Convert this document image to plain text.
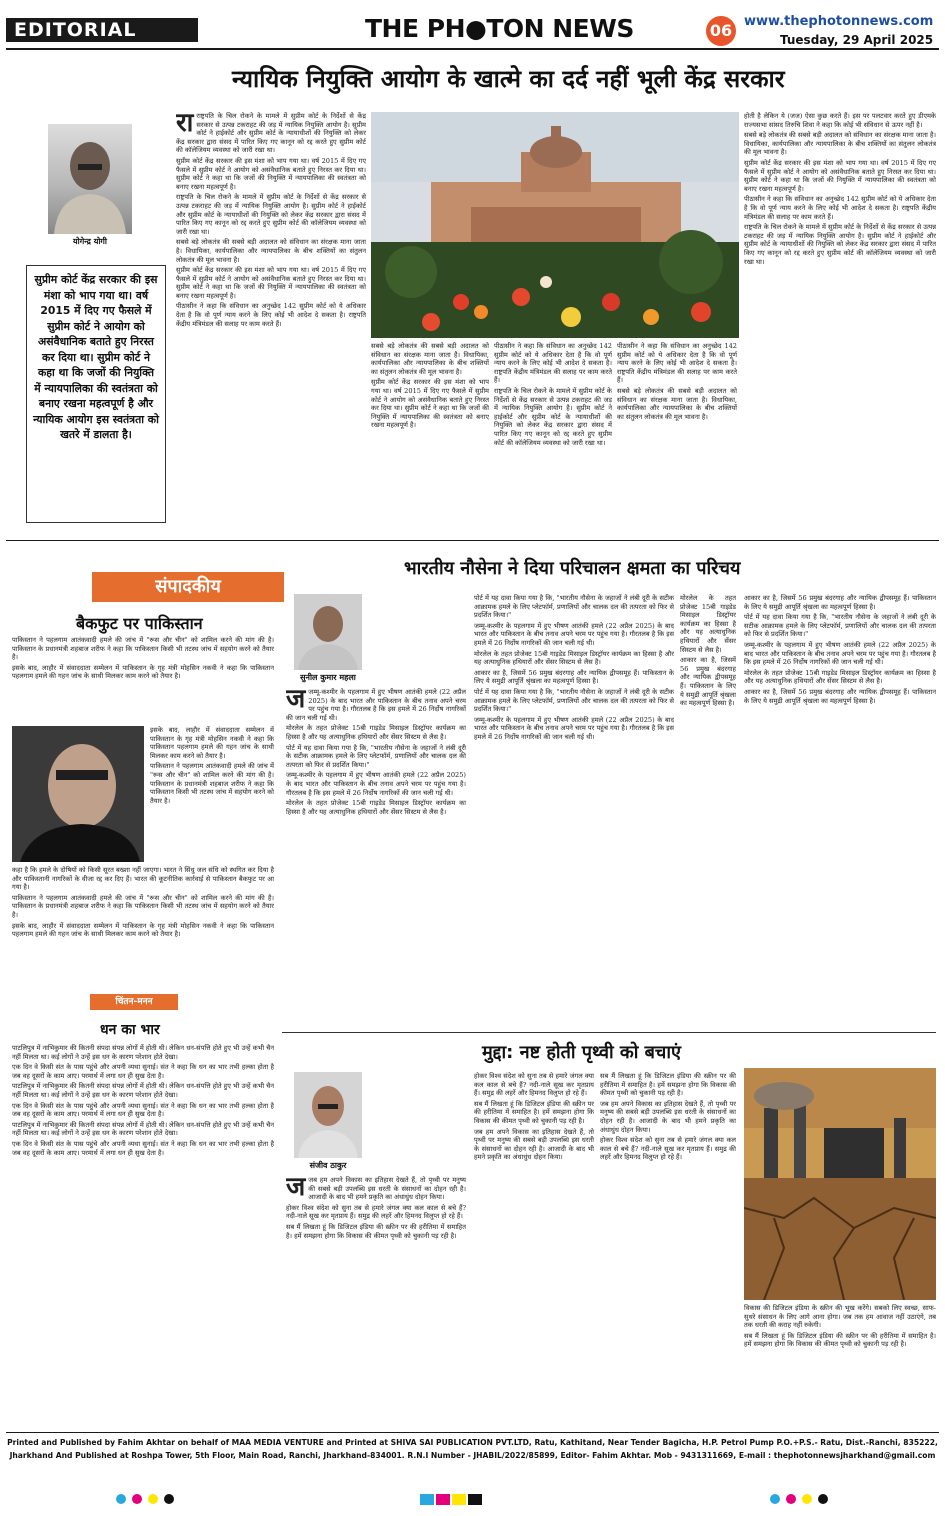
EDITORIAL	THE PH●TON NEWS	06 www.thephotonnews.com
Tuesday, 29 April 2025
न्यायिक नियुक्ति आयोग के खात्मे का दर्द नहीं भूली केंद्र सरकार
योगेन्द्र योगी
सुप्रीम कोर्ट केंद्र सरकार की इस मंशा को भाप गया था। वर्ष 2015 में दिए गए फैसले में सुप्रीम कोर्ट ने आयोग को असंवैधानिक बताते हुए निरस्त कर दिया था। सुप्रीम कोर्ट ने कहा था कि जजों की नियुक्ति में न्यायपालिका की स्वतंत्रता को बनाए रखना महत्वपूर्ण है और न्यायिक आयोग इस स्वतंत्रता को खतरे में डालता है।

राराष्ट्रपति के चिल रोकने के मामले में सुप्रीम कोर्ट के निर्देशों से केंद्र सरकार से उत्पन्न टकराहट की जड़ में न्यायिक नियुक्ति आयोग है। सुप्रीम कोर्ट ने हाईकोर्ट और सुप्रीम कोर्ट के न्यायाधीशों की नियुक्ति को लेकर केंद्र सरकार द्वारा संसद में पारित किए गए कानून को रद्द करते हुए सुप्रीम कोर्ट की कॉलेजियम व्यवस्था को जारी रखा था।

सुप्रीम कोर्ट केंद्र सरकार की इस मंशा को भाप गया था। वर्ष 2015 में दिए गए फैसले में सुप्रीम कोर्ट ने आयोग को असंवैधानिक बताते हुए निरस्त कर दिया था। सुप्रीम कोर्ट ने कहा था कि जजों की नियुक्ति में न्यायपालिका की स्वतंत्रता को बनाए रखना महत्वपूर्ण है।

राष्ट्रपति के चिल रोकने के मामले में सुप्रीम कोर्ट के निर्देशों से केंद्र सरकार से उत्पन्न टकराहट की जड़ में न्यायिक नियुक्ति आयोग है। सुप्रीम कोर्ट ने हाईकोर्ट और सुप्रीम कोर्ट के न्यायाधीशों की नियुक्ति को लेकर केंद्र सरकार द्वारा संसद में पारित किए गए कानून को रद्द करते हुए सुप्रीम कोर्ट की कॉलेजियम व्यवस्था को जारी रखा था।

सबसे बड़े लोकतंत्र की सबसे बड़ी अदालत को संविधान का संरक्षक माना जाता है। विधायिका, कार्यपालिका और न्यायपालिका के बीच शक्तियों का संतुलन लोकतंत्र की मूल भावना है।

सुप्रीम कोर्ट केंद्र सरकार की इस मंशा को भाप गया था। वर्ष 2015 में दिए गए फैसले में सुप्रीम कोर्ट ने आयोग को असंवैधानिक बताते हुए निरस्त कर दिया था। सुप्रीम कोर्ट ने कहा था कि जजों की नियुक्ति में न्यायपालिका की स्वतंत्रता को बनाए रखना महत्वपूर्ण है।

पीठासीन ने कहा कि संविधान का अनुच्छेद 142 सुप्रीम कोर्ट को ये अधिकार देता है कि वो पूर्ण न्याय करने के लिए कोई भी आदेश दे सकता है। राष्ट्रपति केंद्रीय मंत्रिमंडल की सलाह पर काम करते हैं।

सबसे बड़े लोकतंत्र की सबसे बड़ी अदालत को संविधान का संरक्षक माना जाता है। विधायिका, कार्यपालिका और न्यायपालिका के बीच शक्तियों का संतुलन लोकतंत्र की मूल भावना है।

सुप्रीम कोर्ट केंद्र सरकार की इस मंशा को भाप गया था। वर्ष 2015 में दिए गए फैसले में सुप्रीम कोर्ट ने आयोग को असंवैधानिक बताते हुए निरस्त कर दिया था। सुप्रीम कोर्ट ने कहा था कि जजों की नियुक्ति में न्यायपालिका की स्वतंत्रता को बनाए रखना महत्वपूर्ण है।

पीठासीन ने कहा कि संविधान का अनुच्छेद 142 सुप्रीम कोर्ट को ये अधिकार देता है कि वो पूर्ण न्याय करने के लिए कोई भी आदेश दे सकता है। राष्ट्रपति केंद्रीय मंत्रिमंडल की सलाह पर काम करते हैं।

राष्ट्रपति के चिल रोकने के मामले में सुप्रीम कोर्ट के निर्देशों से केंद्र सरकार से उत्पन्न टकराहट की जड़ में न्यायिक नियुक्ति आयोग है। सुप्रीम कोर्ट ने हाईकोर्ट और सुप्रीम कोर्ट के न्यायाधीशों की नियुक्ति को लेकर केंद्र सरकार द्वारा संसद में पारित किए गए कानून को रद्द करते हुए सुप्रीम कोर्ट की कॉलेजियम व्यवस्था को जारी रखा था।

पीठासीन ने कहा कि संविधान का अनुच्छेद 142 सुप्रीम कोर्ट को ये अधिकार देता है कि वो पूर्ण न्याय करने के लिए कोई भी आदेश दे सकता है। राष्ट्रपति केंद्रीय मंत्रिमंडल की सलाह पर काम करते हैं।

सबसे बड़े लोकतंत्र की सबसे बड़ी अदालत को संविधान का संरक्षक माना जाता है। विधायिका, कार्यपालिका और न्यायपालिका के बीच शक्तियों का संतुलन लोकतंत्र की मूल भावना है।

होती है लेकिन ये (जज) ऐसा कुछ करते हैं। इस पर पलटवार करते हुए डीएमके राज्यसभा सांसद तिरुचि शिवा ने कहा कि कोई भी संविधान से ऊपर नहीं है।

सबसे बड़े लोकतंत्र की सबसे बड़ी अदालत को संविधान का संरक्षक माना जाता है। विधायिका, कार्यपालिका और न्यायपालिका के बीच शक्तियों का संतुलन लोकतंत्र की मूल भावना है।

सुप्रीम कोर्ट केंद्र सरकार की इस मंशा को भाप गया था। वर्ष 2015 में दिए गए फैसले में सुप्रीम कोर्ट ने आयोग को असंवैधानिक बताते हुए निरस्त कर दिया था। सुप्रीम कोर्ट ने कहा था कि जजों की नियुक्ति में न्यायपालिका की स्वतंत्रता को बनाए रखना महत्वपूर्ण है।

पीठासीन ने कहा कि संविधान का अनुच्छेद 142 सुप्रीम कोर्ट को ये अधिकार देता है कि वो पूर्ण न्याय करने के लिए कोई भी आदेश दे सकता है। राष्ट्रपति केंद्रीय मंत्रिमंडल की सलाह पर काम करते हैं।

राष्ट्रपति के चिल रोकने के मामले में सुप्रीम कोर्ट के निर्देशों से केंद्र सरकार से उत्पन्न टकराहट की जड़ में न्यायिक नियुक्ति आयोग है। सुप्रीम कोर्ट ने हाईकोर्ट और सुप्रीम कोर्ट के न्यायाधीशों की नियुक्ति को लेकर केंद्र सरकार द्वारा संसद में पारित किए गए कानून को रद्द करते हुए सुप्रीम कोर्ट की कॉलेजियम व्यवस्था को जारी रखा था।

संपादकीय
बैकफुट पर पाकिस्तान

पाकिस्तान ने पहलगाम आतंकवादी हमले की जांच में "रूस और चीन" को शामिल करने की मांग की है। पाकिस्तान के प्रधानमंत्री शहबाज शरीफ ने कहा कि पाकिस्तान किसी भी तटस्थ जांच में सहयोग करने को तैयार है।

इसके बाद, लाहौर में संवाददाता सम्मेलन में पाकिस्तान के गृह मंत्री मोहसिन नकवी ने कहा कि पाकिस्तान पहलगाम हमले की गहन जांच के साथी मिलकर काम करने को तैयार है।

इसके बाद, लाहौर में संवाददाता सम्मेलन में पाकिस्तान के गृह मंत्री मोहसिन नकवी ने कहा कि पाकिस्तान पहलगाम हमले की गहन जांच के साथी मिलकर काम करने को तैयार है।

पाकिस्तान ने पहलगाम आतंकवादी हमले की जांच में "रूस और चीन" को शामिल करने की मांग की है। पाकिस्तान के प्रधानमंत्री शहबाज शरीफ ने कहा कि पाकिस्तान किसी भी तटस्थ जांच में सहयोग करने को तैयार है।

कहा है कि हमले के दोषियों को किसी सूरत बख्शा नहीं जाएगा। भारत ने सिंधु जल संधि को स्थगित कर दिया है और पाकिस्तानी नागरिकों के वीजा रद्द कर दिए हैं। भारत की कूटनीतिक कार्रवाई से पाकिस्तान बैकफुट पर आ गया है।

पाकिस्तान ने पहलगाम आतंकवादी हमले की जांच में "रूस और चीन" को शामिल करने की मांग की है। पाकिस्तान के प्रधानमंत्री शहबाज शरीफ ने कहा कि पाकिस्तान किसी भी तटस्थ जांच में सहयोग करने को तैयार है।

इसके बाद, लाहौर में संवाददाता सम्मेलन में पाकिस्तान के गृह मंत्री मोहसिन नकवी ने कहा कि पाकिस्तान पहलगाम हमले की गहन जांच के साथी मिलकर काम करने को तैयार है।

चिंतन-मनन
धन का भार

पाटलिपुत्र में नाभिकुमार की कितनी संपदा संपन्न लोगों में होती थी। लेकिन धन-संपत्ति होते हुए भी उन्हें कभी चैन नहीं मिलता था। कई लोगों ने उन्हें इस धन के कारण परेशान होते देखा।

एक दिन वे किसी संत के पास पहुंचे और अपनी व्यथा सुनाई। संत ने कहा कि धन का भार तभी हल्का होता है जब वह दूसरों के काम आए। परमार्थ में लगा धन ही सुख देता है।

पाटलिपुत्र में नाभिकुमार की कितनी संपदा संपन्न लोगों में होती थी। लेकिन धन-संपत्ति होते हुए भी उन्हें कभी चैन नहीं मिलता था। कई लोगों ने उन्हें इस धन के कारण परेशान होते देखा।

एक दिन वे किसी संत के पास पहुंचे और अपनी व्यथा सुनाई। संत ने कहा कि धन का भार तभी हल्का होता है जब वह दूसरों के काम आए। परमार्थ में लगा धन ही सुख देता है।

पाटलिपुत्र में नाभिकुमार की कितनी संपदा संपन्न लोगों में होती थी। लेकिन धन-संपत्ति होते हुए भी उन्हें कभी चैन नहीं मिलता था। कई लोगों ने उन्हें इस धन के कारण परेशान होते देखा।

एक दिन वे किसी संत के पास पहुंचे और अपनी व्यथा सुनाई। संत ने कहा कि धन का भार तभी हल्का होता है जब वह दूसरों के काम आए। परमार्थ में लगा धन ही सुख देता है।

भारतीय नौसेना ने दिया परिचालन क्षमता का परिचय
सुनील कुमार महला

जजम्मू-कश्मीर के पहलगाम में हुए भीषण आतंकी हमले (22 अप्रैल 2025) के बाद भारत और पाकिस्तान के बीच तनाव अपने चरम पर पहुंच गया है। गौरतलब है कि इस हमले में 26 निर्दोष नागरिकों की जान चली गई थी।

मोरलेल के तहत प्रोजेक्ट 15बी गाइडेड मिसाइल डिस्ट्रॉयर कार्यक्रम का हिस्सा है और यह अत्याधुनिक हथियारों और सेंसर सिस्टम से लैस है।

पोर्ट में यह दावा किया गया है कि, "भारतीय नौसेना के जहाजों ने लंबी दूरी के सटीक आक्रामक हमले के लिए प्लेटफॉर्म, प्रणालियों और चालक दल की तत्परता को फिर से प्रदर्शित किया।"

जम्मू-कश्मीर के पहलगाम में हुए भीषण आतंकी हमले (22 अप्रैल 2025) के बाद भारत और पाकिस्तान के बीच तनाव अपने चरम पर पहुंच गया है। गौरतलब है कि इस हमले में 26 निर्दोष नागरिकों की जान चली गई थी।

मोरलेल के तहत प्रोजेक्ट 15बी गाइडेड मिसाइल डिस्ट्रॉयर कार्यक्रम का हिस्सा है और यह अत्याधुनिक हथियारों और सेंसर सिस्टम से लैस है।

पोर्ट में यह दावा किया गया है कि, "भारतीय नौसेना के जहाजों ने लंबी दूरी के सटीक आक्रामक हमले के लिए प्लेटफॉर्म, प्रणालियों और चालक दल की तत्परता को फिर से प्रदर्शित किया।"

जम्मू-कश्मीर के पहलगाम में हुए भीषण आतंकी हमले (22 अप्रैल 2025) के बाद भारत और पाकिस्तान के बीच तनाव अपने चरम पर पहुंच गया है। गौरतलब है कि इस हमले में 26 निर्दोष नागरिकों की जान चली गई थी।

मोरलेल के तहत प्रोजेक्ट 15बी गाइडेड मिसाइल डिस्ट्रॉयर कार्यक्रम का हिस्सा है और यह अत्याधुनिक हथियारों और सेंसर सिस्टम से लैस है।

आकार का है, जिसमें 56 प्रमुख बंदरगाह और न्यायिक द्वीपसमूह हैं। पाकिस्तान के लिए ये समुद्री आपूर्ति श्रृंखला का महत्वपूर्ण हिस्सा है।

पोर्ट में यह दावा किया गया है कि, "भारतीय नौसेना के जहाजों ने लंबी दूरी के सटीक आक्रामक हमले के लिए प्लेटफॉर्म, प्रणालियों और चालक दल की तत्परता को फिर से प्रदर्शित किया।"

जम्मू-कश्मीर के पहलगाम में हुए भीषण आतंकी हमले (22 अप्रैल 2025) के बाद भारत और पाकिस्तान के बीच तनाव अपने चरम पर पहुंच गया है। गौरतलब है कि इस हमले में 26 निर्दोष नागरिकों की जान चली गई थी।

मोरलेल के तहत प्रोजेक्ट 15बी गाइडेड मिसाइल डिस्ट्रॉयर कार्यक्रम का हिस्सा है और यह अत्याधुनिक हथियारों और सेंसर सिस्टम से लैस है।

आकार का है, जिसमें 56 प्रमुख बंदरगाह और न्यायिक द्वीपसमूह हैं। पाकिस्तान के लिए ये समुद्री आपूर्ति श्रृंखला का महत्वपूर्ण हिस्सा है।

आकार का है, जिसमें 56 प्रमुख बंदरगाह और न्यायिक द्वीपसमूह हैं। पाकिस्तान के लिए ये समुद्री आपूर्ति श्रृंखला का महत्वपूर्ण हिस्सा है।

पोर्ट में यह दावा किया गया है कि, "भारतीय नौसेना के जहाजों ने लंबी दूरी के सटीक आक्रामक हमले के लिए प्लेटफॉर्म, प्रणालियों और चालक दल की तत्परता को फिर से प्रदर्शित किया।"

जम्मू-कश्मीर के पहलगाम में हुए भीषण आतंकी हमले (22 अप्रैल 2025) के बाद भारत और पाकिस्तान के बीच तनाव अपने चरम पर पहुंच गया है। गौरतलब है कि इस हमले में 26 निर्दोष नागरिकों की जान चली गई थी।

मोरलेल के तहत प्रोजेक्ट 15बी गाइडेड मिसाइल डिस्ट्रॉयर कार्यक्रम का हिस्सा है और यह अत्याधुनिक हथियारों और सेंसर सिस्टम से लैस है।

आकार का है, जिसमें 56 प्रमुख बंदरगाह और न्यायिक द्वीपसमूह हैं। पाकिस्तान के लिए ये समुद्री आपूर्ति श्रृंखला का महत्वपूर्ण हिस्सा है।

मुद्दा: नष्ट होती पृथ्वी को बचाएं
संजीव ठाकुर

जजब हम अपने विकास का इतिहास देखते हैं, तो पृथ्वी पर मनुष्य की सबसे बड़ी उपलब्धि इस धरती के संसाधनों का दोहन रही है। आजादी के बाद भी हमने प्रकृति का अंधाधुंध दोहन किया।

होकर विश्व संदेश को सुना तब से हमारे जंगल क्या कल काल से बचे हैं? नदी-नाले सूख कर मृतप्राय हैं। समुद्र की लहरें और हिमनद विलुप्त हो रहे हैं।

सब मैं लिखता हूं कि डिजिटल इंडिया की स्क्रीन पर की हरीतिमा में समाहित है। हमें समझना होगा कि विकास की कीमत पृथ्वी को चुकानी पड़ रही है।

होकर विश्व संदेश को सुना तब से हमारे जंगल क्या कल काल से बचे हैं? नदी-नाले सूख कर मृतप्राय हैं। समुद्र की लहरें और हिमनद विलुप्त हो रहे हैं।

सब मैं लिखता हूं कि डिजिटल इंडिया की स्क्रीन पर की हरीतिमा में समाहित है। हमें समझना होगा कि विकास की कीमत पृथ्वी को चुकानी पड़ रही है।

जब हम अपने विकास का इतिहास देखते हैं, तो पृथ्वी पर मनुष्य की सबसे बड़ी उपलब्धि इस धरती के संसाधनों का दोहन रही है। आजादी के बाद भी हमने प्रकृति का अंधाधुंध दोहन किया।

सब मैं लिखता हूं कि डिजिटल इंडिया की स्क्रीन पर की हरीतिमा में समाहित है। हमें समझना होगा कि विकास की कीमत पृथ्वी को चुकानी पड़ रही है।

जब हम अपने विकास का इतिहास देखते हैं, तो पृथ्वी पर मनुष्य की सबसे बड़ी उपलब्धि इस धरती के संसाधनों का दोहन रही है। आजादी के बाद भी हमने प्रकृति का अंधाधुंध दोहन किया।

होकर विश्व संदेश को सुना तब से हमारे जंगल क्या कल काल से बचे हैं? नदी-नाले सूख कर मृतप्राय हैं। समुद्र की लहरें और हिमनद विलुप्त हो रहे हैं।

विकास की डिजिटल इंडिया के स्क्रीन की भूख करेंगे। सबको लिए स्वच्छ, साफ-सुथरे संसाधन के लिए आगे आना होगा। जब तक हम आवाज नहीं उठाएंगे, तब तक धरती की कराह नहीं रुकेगी।

सब मैं लिखता हूं कि डिजिटल इंडिया की स्क्रीन पर की हरीतिमा में समाहित है। हमें समझना होगा कि विकास की कीमत पृथ्वी को चुकानी पड़ रही है।

Printed and Published by Fahim Akhtar on behalf of MAA MEDIA VENTURE and Printed at SHIVA SAI PUBLICATION PVT.LTD, Ratu, Kathitand, Near Tender Bagicha, H.P. Petrol Pump P.O.+P.S.- Ratu, Dist.-Ranchi, 835222,
Jharkhand And Published at Roshpa Tower, 5th Floor, Main Road, Ranchi, Jharkhand-834001. R.N.I Number - JHABIL/2022/85899, Editor- Fahim Akhtar. Mob - 9431311669, E-mail : thephotonnewsjharkhand@gmail.com
